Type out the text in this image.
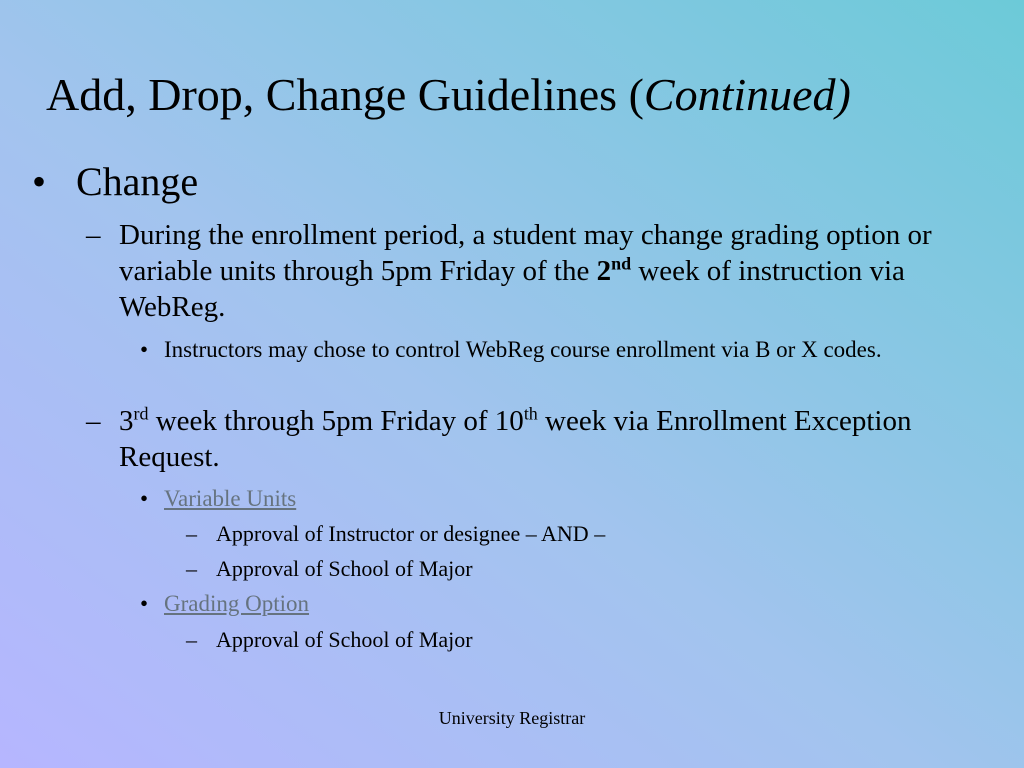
Add, Drop, Change Guidelines (Continued)
• Change
– During the enrollment period, a student may change grading option or variable units through 5pm Friday of the 2nd week of instruction via WebReg.
• Instructors may chose to control WebReg course enrollment via B or X codes.
– 3rd week through 5pm Friday of 10th week via Enrollment Exception Request.
• Variable Units
– Approval of Instructor or designee – AND –
– Approval of School of Major
• Grading Option
– Approval of School of Major
University Registrar
